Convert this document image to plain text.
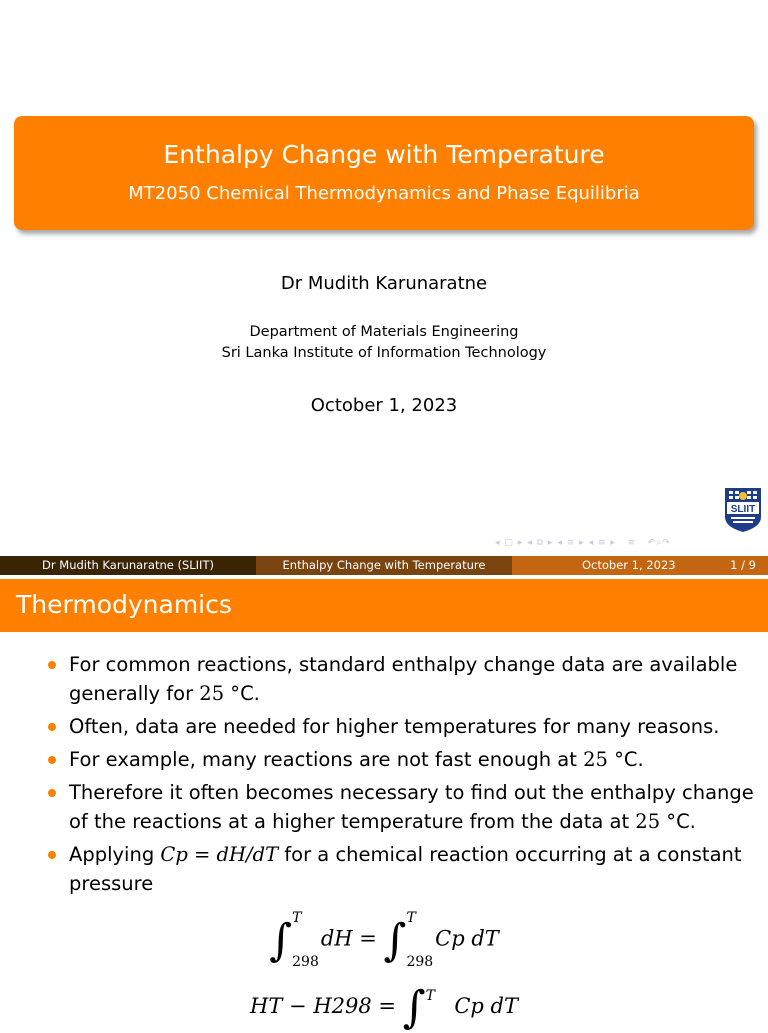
Enthalpy Change with Temperature
MT2050 Chemical Thermodynamics and Phase Equilibria
Dr Mudith Karunaratne
Department of Materials Engineering
Sri Lanka Institute of Information Technology
October 1, 2023
SLIIT
◂ ▢ ▸ ◂ ⧉ ▸ ◂ ≡ ▸ ◂ ≡ ▸ ≡ ↶⌕↷
Dr Mudith Karunaratne (SLIIT)	Enthalpy Change with Temperature	October 1, 2023	1 / 9
Thermodynamics
For common reactions, standard enthalpy change data are available generally for 25 °C.
Often, data are needed for higher temperatures for many reasons.
For example, many reactions are not fast enough at 25 °C.
Therefore it often becomes necessary to find out the enthalpy change of the reactions at a higher temperature from the data at 25 °C.
Applying Cp = dH/dT for a chemical reaction occurring at a constant pressure
∫ T
298
dH = ∫ T
298
Cp dT
HT − H298 = ∫ T Cp dT
